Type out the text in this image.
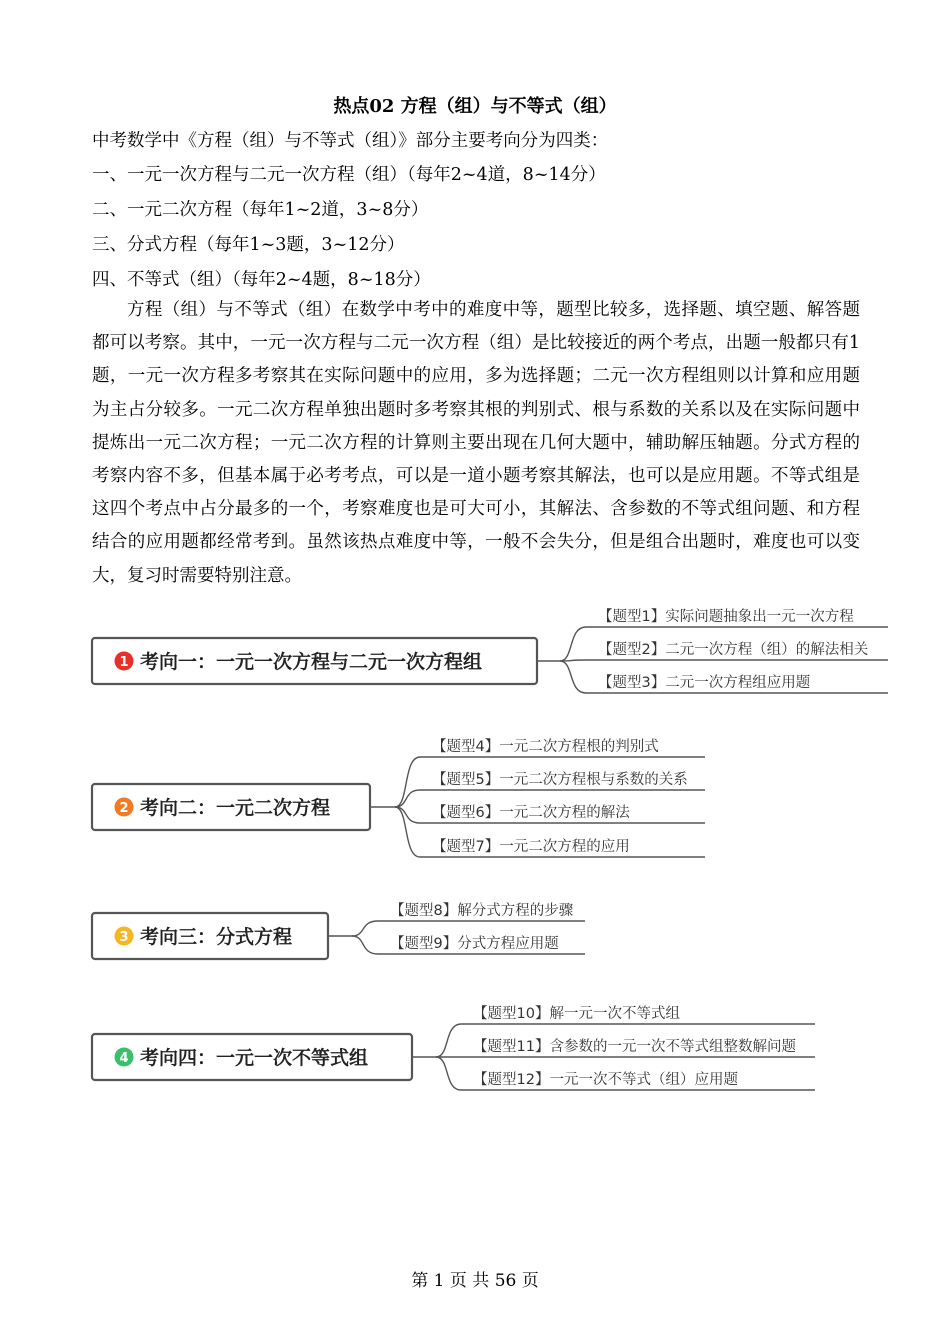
热点02 方程（组）与不等式（组）
中考数学中《方程（组）与不等式（组）》部分主要考向分为四类：
一、一元一次方程与二元一次方程（组）（每年2~4道，8~14分）
二、一元二次方程（每年1~2道，3~8分）
三、分式方程（每年1~3题，3~12分）
四、不等式（组）（每年2~4题，8~18分）
方程（组）与不等式（组）在数学中考中的难度中等，题型比较多，选择题、填空题、解答题都可以考察。其中，一元一次方程与二元一次方程（组）是比较接近的两个考点，出题一般都只有1题，一元一次方程多考察其在实际问题中的应用，多为选择题；二元一次方程组则以计算和应用题为主占分较多。一元二次方程单独出题时多考察其根的判别式、根与系数的关系以及在实际问题中提炼出一元二次方程；一元二次方程的计算则主要出现在几何大题中，辅助解压轴题。分式方程的考察内容不多，但基本属于必考考点，可以是一道小题考察其解法，也可以是应用题。不等式组是这四个考点中占分最多的一个，考察难度也是可大可小，其解法、含参数的不等式组问题、和方程结合的应用题都经常考到。虽然该热点难度中等，一般不会失分，但是组合出题时，难度也可以变大，复习时需要特别注意。
1 考向一：一元一次方程与二元一次方程组
【题型1】实际问题抽象出一元一次方程
【题型2】二元一次方程（组）的解法相关
【题型3】二元一次方程组应用题
2 考向二：一元二次方程
【题型4】一元二次方程根的判别式
【题型5】一元二次方程根与系数的关系
【题型6】一元二次方程的解法
【题型7】一元二次方程的应用
3 考向三：分式方程
【题型8】解分式方程的步骤
【题型9】分式方程应用题
4 考向四：一元一次不等式组
【题型10】解一元一次不等式组
【题型11】含参数的一元一次不等式组整数解问题
【题型12】一元一次不等式（组）应用题
第 1 页 共 56 页
